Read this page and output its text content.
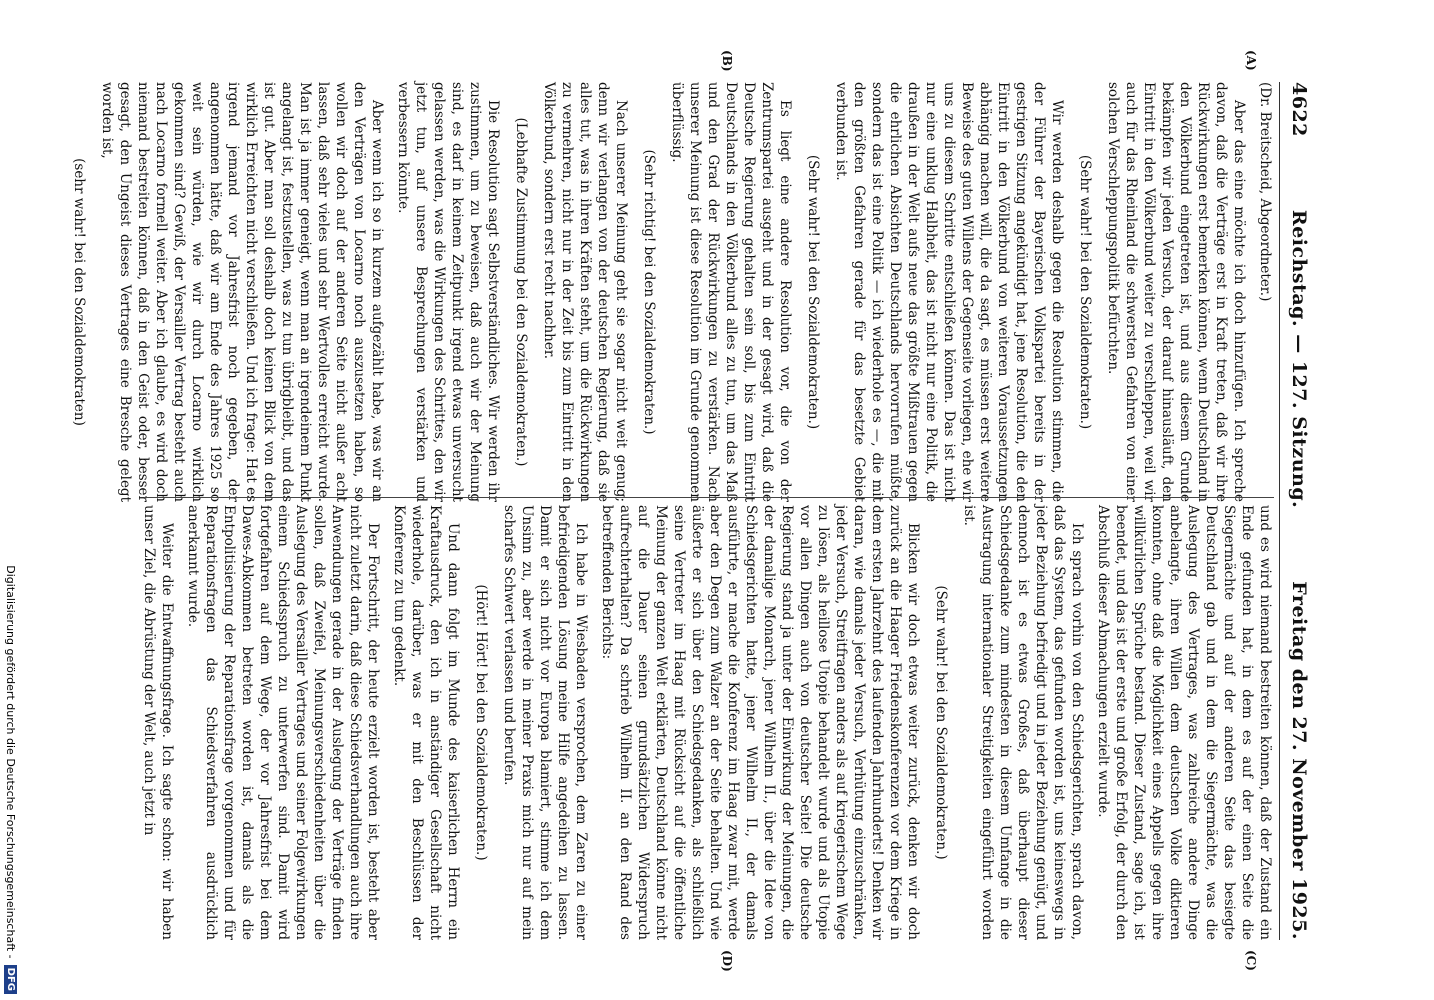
4622
Reichstag. — 127. Sitzung.
Freitag den 27. November 1925.
(A)
(B)
(C)
(D)

(Dr. Breitscheid, Abgeordneter.)

Aber das eine möchte ich doch hinzufügen. Ich spreche davon, daß die Verträge erst in Kraft treten, daß wir ihre Rückwirkungen erst bemerken können, wenn Deutschland in den Völkerbund eingetreten ist, und aus diesem Grunde bekämpfen wir jeden Versuch, der darauf hinausläuft, den Eintritt in den Völkerbund weiter zu verschleppen, weil wir auch für das Rheinland die schwersten Gefahren von einer solchen Verschleppungspolitik befürchten.

(Sehr wahr! bei den Sozialdemokraten.)

Wir werden deshalb gegen die Resolution stimmen, die der Führer der Bayerischen Volkspartei bereits in der gestrigen Sitzung angekündigt hat, jene Resolution, die den Eintritt in den Völkerbund von weiteren Voraussetzungen abhängig machen will, die da sagt, es müssen erst weitere Beweise des guten Willens der Gegenseite vorliegen, ehe wir uns zu diesem Schritte entschließen können. Das ist nicht nur eine unklug Halbheit, das ist nicht nur eine Politik, die draußen in der Welt aufs neue das größte Mißtrauen gegen die ehrlichen Absichten Deutschlands hervorrufen müßte, sondern das ist eine Politik — ich wiederhole es —, die mit den größten Gefahren gerade für das besetzte Gebiet verbunden ist.

(Sehr wahr! bei den Sozialdemokraten.)

Es liegt eine andere Resolution vor, die von der Zentrumspartei ausgeht und in der gesagt wird, daß die Deutsche Regierung gehalten sein soll, bis zum Eintritt Deutschlands in den Völkerbund alles zu tun, um das Maß und den Grad der Rückwirkungen zu verstärken. Nach unserer Meinung ist diese Resolution im Grunde genommen überflüssig.

(Sehr richtig! bei den Sozialdemokraten.)

Nach unserer Meinung geht sie sogar nicht weit genug; denn wir verlangen von der deutschen Regierung, daß sie alles tut, was in ihren Kräften steht, um die Rückwirkungen zu vermehren, nicht nur in der Zeit bis zum Eintritt in den Völkerbund, sondern erst recht nachher.

(Lebhafte Zustimmung bei den Sozialdemokraten.)

Die Resolution sagt Selbstverständliches. Wir werden ihr zustimmen, um zu beweisen, daß auch wir der Meinung sind, es darf in keinem Zeitpunkt irgend etwas unversucht gelassen werden, was die Wirkungen des Schrittes, den wir jetzt tun, auf unsere Besprechungen verstärken und verbessern könnte.

Aber wenn ich so in kurzem aufgezählt habe, was wir an den Verträgen von Locarno noch auszusetzen haben, so wollen wir doch auf der anderen Seite nicht außer acht lassen, daß sehr vieles und sehr Wertvolles erreicht wurde. Man ist ja immer geneigt, wenn man an irgendeinem Punkt angelangt ist, festzustellen, was zu tun übrigbleibt, und das ist gut. Aber man soll deshalb doch keinen Blick von dem wirklich Erreichten nicht verschließen. Und ich frage: Hat es irgend jemand vor Jahresfrist noch gegeben, der angenommen hätte, daß wir am Ende des Jahres 1925 so weit sein würden, wie wir durch Locarno wirklich gekommen sind? Gewiß, der Versailler Vertrag besteht auch nach Locarno formell weiter. Aber ich glaube, es wird doch niemand bestreiten können, daß in den Geist oder, besser gesagt, den Ungeist dieses Vertrages eine Bresche gelegt worden ist,

(sehr wahr! bei den Sozialdemokraten)

und es wird niemand bestreiten können, daß der Zustand ein Ende gefunden hat, in dem es auf der einen Seite die Siegermächte und auf der anderen Seite das besiegte Deutschland gab und in dem die Siegermächte, was die Auslegung des Vertrages, was zahlreiche andere Dinge anbelangte, ihren Willen dem deutschen Volke diktieren konnten, ohne daß die Möglichkeit eines Appells gegen ihre willkürlichen Sprüche bestand. Dieser Zustand, sage ich, ist beendet, und das ist der erste und große Erfolg, der durch den Abschluß dieser Abmachungen erzielt wurde.

Ich sprach vorhin von den Schiedsgerichten, sprach davon, daß das System, das gefunden worden ist, uns keineswegs in jeder Beziehung befriedigt und in jeder Beziehung genügt, und dennoch ist es etwas Großes, daß überhaupt dieser Schiedsgedanke zum mindesten in diesem Umfange in die Austragung internationaler Streitigkeiten eingeführt worden ist.

(Sehr wahr! bei den Sozialdemokraten.)

Blicken wir doch etwas weiter zurück, denken wir doch zurück an die Haager Friedenskonferenzen vor dem Kriege in dem ersten Jahrzehnt des laufenden Jahrhunderts! Denken wir daran, wie damals jeder Versuch, Verhütung einzuschränken, jeder Versuch, Streitfragen anders als auf kriegerischem Wege zu lösen, als heillose Utopie behandelt wurde und als Utopie vor allen Dingen auch von deutscher Seite! Die deutsche Regierung stand ja unter der Einwirkung der Meinungen, die der damalige Monarch, jener Wilhelm II., über die Idee von Schiedsgerichten hatte, jener Wilhelm II., der damals ausführte, er mache die Konferenz im Haag zwar mit, werde aber den Degen zum Walzer an der Seite behalten. Und wie äußerte er sich über den Schiedsgedanken, als schließlich seine Vertreter im Haag mit Rücksicht auf die öffentliche Meinung der ganzen Welt erklärten, Deutschland könne nicht auf die Dauer seinen grundsätzlichen Widerspruch aufrechterhalten? Da schrieb Wilhelm II. an den Rand des betreffenden Berichts:

Ich habe in Wiesbaden versprochen, dem Zaren zu einer befriedigenden Lösung meine Hilfe angedeihen zu lassen. Damit er sich nicht vor Europa blamiert, stimme ich dem Unsinn zu, aber werde in meiner Praxis mich nur auf mein scharfes Schwert verlassen und berufen.

(Hört! Hört! bei den Sozialdemokraten.)

Und dann folgt im Munde des kaiserlichen Herrn ein Kraftausdruck, den ich in anständiger Gesellschaft nicht wiederhole, darüber, was er mit den Beschlüssen der Konferenz zu tun gedenkt.

Der Fortschritt, der heute erzielt worden ist, besteht aber nicht zuletzt darin, daß diese Schiedsverhandlungen auch ihre Anwendungen gerade in der Auslegung der Verträge finden sollen, daß Zweifel, Meinungsverschiedenheiten über die Auslegung des Versailler Vertrages und seiner Folgewirkungen einem Schiedsspruch zu unterwerfen sind. Damit wird fortgefahren auf dem Wege, der vor Jahresfrist bei dem Dawes-Abkommen betreten worden ist, damals als die Entpolitisierung der Reparationsfrage vorgenommen und für Reparationsfragen das Schiedsverfahren ausdrücklich anerkannt wurde.

Weiter die Entwaffnungsfrage. Ich sagte schon: wir haben unser Ziel, die Abrüstung der Welt, auch jetzt in

Digitalisierung gefördert durch die Deutsche Forschungsgemeinschaft -
DFG
